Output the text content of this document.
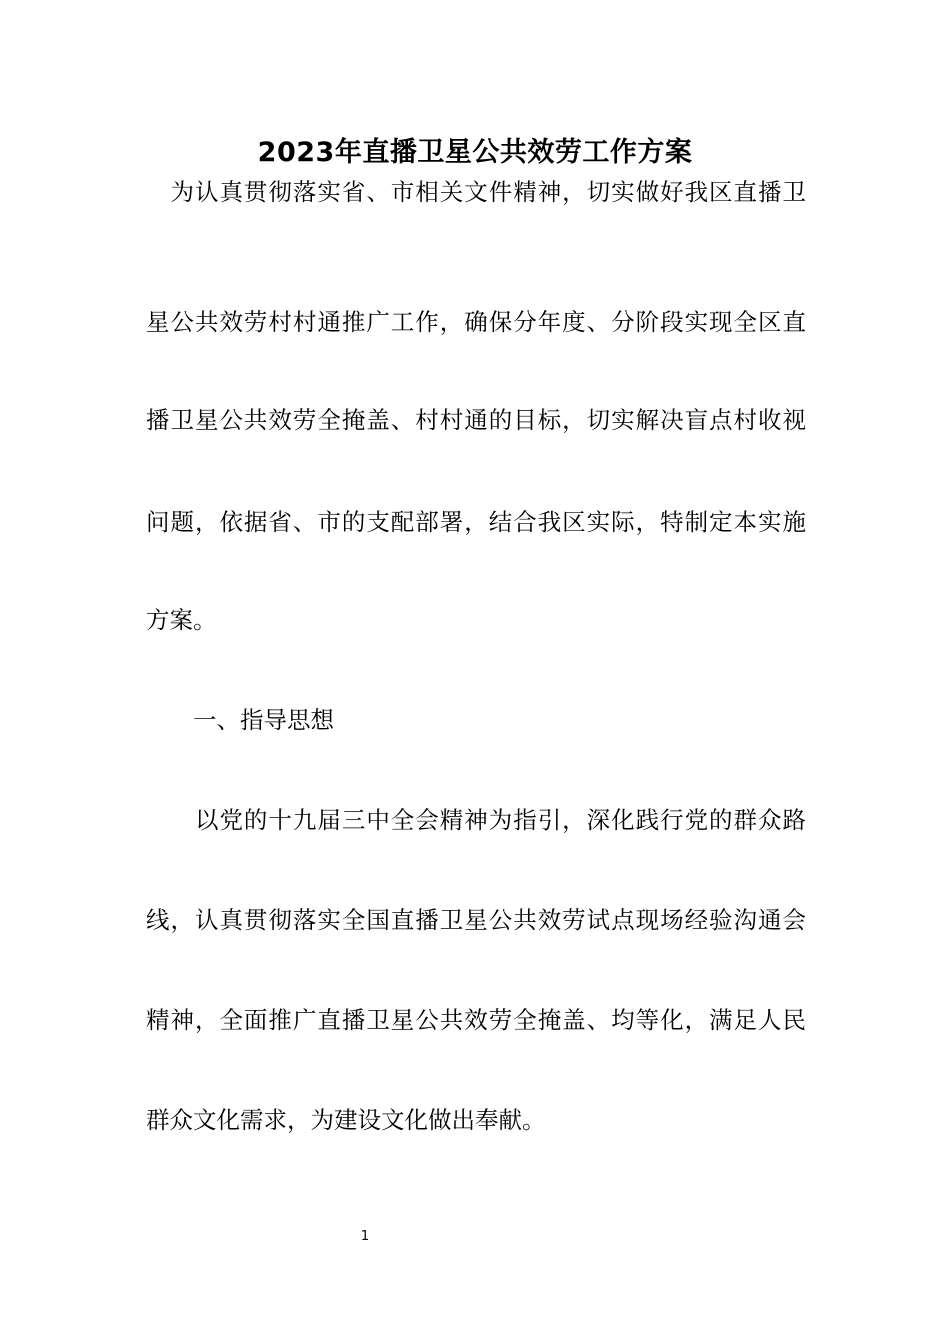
2023年直播卫星公共效劳工作方案
　为认真贯彻落实省、市相关文件精神，切实做好我区直播卫
星公共效劳村村通推广工作，确保分年度、分阶段实现全区直
播卫星公共效劳全掩盖、村村通的目标，切实解决盲点村收视
问题，依据省、市的支配部署，结合我区实际，特制定本实施
方案。
　　一、指导思想
　　以党的十九届三中全会精神为指引，深化践行党的群众路
线，认真贯彻落实全国直播卫星公共效劳试点现场经验沟通会
精神，全面推广直播卫星公共效劳全掩盖、均等化，满足人民
群众文化需求，为建设文化做出奉献。
1
